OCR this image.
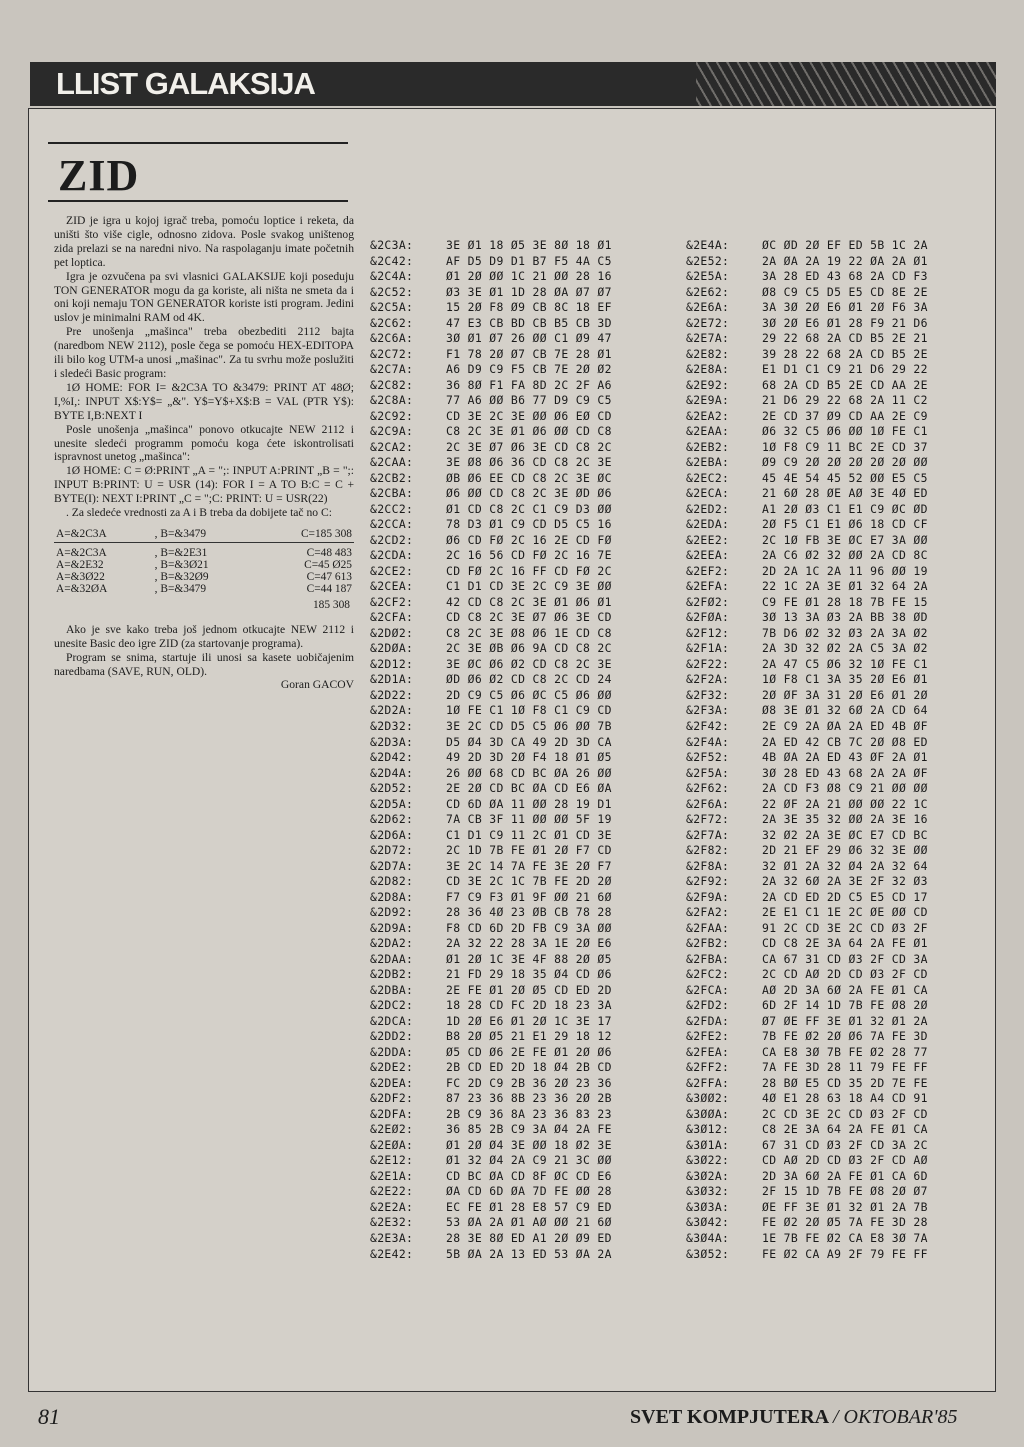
LLIST GALAKSIJA
ZID

ZID je igra u kojoj igrač treba, pomoću loptice i reketa, da uništi što više cigle, odnosno zidova. Posle svakog uništenog zida prelazi se na naredni nivo. Na raspolaganju imate početnih pet loptica.

Igra je ozvučena pa svi vlasnici GALAKSIJE koji poseduju TON GENERATOR mogu da ga koriste, ali ništa ne smeta da i oni koji nemaju TON GENERATOR koriste isti program. Jedini uslov je minimalni RAM od 4K.

Pre unošenja „mašinca" treba obezbediti 2112 bajta (naredbom NEW 2112), posle čega se pomoću HEX-EDITOPA ili bilo kog UTM-a unosi „mašinac". Za tu svrhu može poslužiti i sledeći Basic program:

1Ø HOME: FOR I= &2C3A TO &3479: PRINT AT 48Ø; I,%I,: INPUT X$:Y$= „&". Y$=Y$+X$:B = VAL (PTR Y$): BYTE I,B:NEXT I

Posle unošenja „mašinca" ponovo otkucajte NEW 2112 i unesite sledeći programm pomoću koga ćete iskontrolisati ispravnost unetog „mašinca":

1Ø HOME: C = Ø:PRINT „A = ";: INPUT A:PRINT „B = ";: INPUT B:PRINT: U = USR (14): FOR I = A TO B:C = C + BYTE(I): NEXT I:PRINT „C = ";C: PRINT: U = USR(22)

. Za sledeće vrednosti za A i B treba da dobijete tač no C:

A=&2C3A	, B=&3479	C=185 308
A=&2C3A	, B=&2E31	C=48 483
A=&2E32	, B=&3Ø21	C=45 Ø25
A=&3Ø22	, B=&32Ø9	C=47 613
A=&32ØA	, B=&3479	C=44 187
185 308

Ako je sve kako treba još jednom otkucajte NEW 2112 i unesite Basic deo igre ZID (za startovanje programa).

Program se snima, startuje ili unosi sa kasete uobičajenim naredbama (SAVE, RUN, OLD).

Goran GACOV
&2C3A:	3E Ø1 18 Ø5 3E 8Ø 18 Ø1
&2C42:	AF D5 D9 D1 B7 F5 4A C5
&2C4A:	Ø1 2Ø ØØ 1C 21 ØØ 28 16
&2C52:	Ø3 3E Ø1 1D 28 ØA Ø7 Ø7
&2C5A:	15 2Ø F8 Ø9 CB 8C 18 EF
&2C62:	47 E3 CB BD CB B5 CB 3D
&2C6A:	3Ø Ø1 Ø7 26 ØØ C1 Ø9 47
&2C72:	F1 78 2Ø Ø7 CB 7E 28 Ø1
&2C7A:	A6 D9 C9 F5 CB 7E 2Ø Ø2
&2C82:	36 8Ø F1 FA 8D 2C 2F A6
&2C8A:	77 A6 ØØ B6 77 D9 C9 C5
&2C92:	CD 3E 2C 3E ØØ Ø6 EØ CD
&2C9A:	C8 2C 3E Ø1 Ø6 ØØ CD C8
&2CA2:	2C 3E Ø7 Ø6 3E CD C8 2C
&2CAA:	3E Ø8 Ø6 36 CD C8 2C 3E
&2CB2:	ØB Ø6 EE CD C8 2C 3E ØC
&2CBA:	Ø6 ØØ CD C8 2C 3E ØD Ø6
&2CC2:	Ø1 CD C8 2C C1 C9 D3 ØØ
&2CCA:	78 D3 Ø1 C9 CD D5 C5 16
&2CD2:	Ø6 CD FØ 2C 16 2E CD FØ
&2CDA:	2C 16 56 CD FØ 2C 16 7E
&2CE2:	CD FØ 2C 16 FF CD FØ 2C
&2CEA:	C1 D1 CD 3E 2C C9 3E ØØ
&2CF2:	42 CD C8 2C 3E Ø1 Ø6 Ø1
&2CFA:	CD C8 2C 3E Ø7 Ø6 3E CD
&2DØ2:	C8 2C 3E Ø8 Ø6 1E CD C8
&2DØA:	2C 3E ØB Ø6 9A CD C8 2C
&2D12:	3E ØC Ø6 Ø2 CD C8 2C 3E
&2D1A:	ØD Ø6 Ø2 CD C8 2C CD 24
&2D22:	2D C9 C5 Ø6 ØC C5 Ø6 ØØ
&2D2A:	1Ø FE C1 1Ø F8 C1 C9 CD
&2D32:	3E 2C CD D5 C5 Ø6 ØØ 7B
&2D3A:	D5 Ø4 3D CA 49 2D 3D CA
&2D42:	49 2D 3D 2Ø F4 18 Ø1 Ø5
&2D4A:	26 ØØ 68 CD BC ØA 26 ØØ
&2D52:	2E 2Ø CD BC ØA CD E6 ØA
&2D5A:	CD 6D ØA 11 ØØ 28 19 D1
&2D62:	7A CB 3F 11 ØØ ØØ 5F 19
&2D6A:	C1 D1 C9 11 2C Ø1 CD 3E
&2D72:	2C 1D 7B FE Ø1 2Ø F7 CD
&2D7A:	3E 2C 14 7A FE 3E 2Ø F7
&2D82:	CD 3E 2C 1C 7B FE 2D 2Ø
&2D8A:	F7 C9 F3 Ø1 9F ØØ 21 6Ø
&2D92:	28 36 4Ø 23 ØB CB 78 28
&2D9A:	F8 CD 6D 2D FB C9 3A ØØ
&2DA2:	2A 32 22 28 3A 1E 2Ø E6
&2DAA:	Ø1 2Ø 1C 3E 4F 88 2Ø Ø5
&2DB2:	21 FD 29 18 35 Ø4 CD Ø6
&2DBA:	2E FE Ø1 2Ø Ø5 CD ED 2D
&2DC2:	18 28 CD FC 2D 18 23 3A
&2DCA:	1D 2Ø E6 Ø1 2Ø 1C 3E 17
&2DD2:	B8 2Ø Ø5 21 E1 29 18 12
&2DDA:	Ø5 CD Ø6 2E FE Ø1 2Ø Ø6
&2DE2:	2B CD ED 2D 18 Ø4 2B CD
&2DEA:	FC 2D C9 2B 36 2Ø 23 36
&2DF2:	87 23 36 8B 23 36 2Ø 2B
&2DFA:	2B C9 36 8A 23 36 83 23
&2EØ2:	36 85 2B C9 3A Ø4 2A FE
&2EØA:	Ø1 2Ø Ø4 3E ØØ 18 Ø2 3E
&2E12:	Ø1 32 Ø4 2A C9 21 3C ØØ
&2E1A:	CD BC ØA CD 8F ØC CD E6
&2E22:	ØA CD 6D ØA 7D FE ØØ 28
&2E2A:	EC FE Ø1 28 E8 57 C9 ED
&2E32:	53 ØA 2A Ø1 AØ ØØ 21 6Ø
&2E3A:	28 3E 8Ø ED A1 2Ø Ø9 ED
&2E42:	5B ØA 2A 13 ED 53 ØA 2A
&2E4A:	ØC ØD 2Ø EF ED 5B 1C 2A
&2E52:	2A ØA 2A 19 22 ØA 2A Ø1
&2E5A:	3A 28 ED 43 68 2A CD F3
&2E62:	Ø8 C9 C5 D5 E5 CD 8E 2E
&2E6A:	3A 3Ø 2Ø E6 Ø1 2Ø F6 3A
&2E72:	3Ø 2Ø E6 Ø1 28 F9 21 D6
&2E7A:	29 22 68 2A CD B5 2E 21
&2E82:	39 28 22 68 2A CD B5 2E
&2E8A:	E1 D1 C1 C9 21 D6 29 22
&2E92:	68 2A CD B5 2E CD AA 2E
&2E9A:	21 D6 29 22 68 2A 11 C2
&2EA2:	2E CD 37 Ø9 CD AA 2E C9
&2EAA:	Ø6 32 C5 Ø6 ØØ 1Ø FE C1
&2EB2:	1Ø F8 C9 11 BC 2E CD 37
&2EBA:	Ø9 C9 2Ø 2Ø 2Ø 2Ø 2Ø ØØ
&2EC2:	45 4E 54 45 52 ØØ E5 C5
&2ECA:	21 6Ø 28 ØE AØ 3E 4Ø ED
&2ED2:	A1 2Ø Ø3 C1 E1 C9 ØC ØD
&2EDA:	2Ø F5 C1 E1 Ø6 18 CD CF
&2EE2:	2C 1Ø FB 3E ØC E7 3A ØØ
&2EEA:	2A C6 Ø2 32 ØØ 2A CD 8C
&2EF2:	2D 2A 1C 2A 11 96 ØØ 19
&2EFA:	22 1C 2A 3E Ø1 32 64 2A
&2FØ2:	C9 FE Ø1 28 18 7B FE 15
&2FØA:	3Ø 13 3A Ø3 2A BB 38 ØD
&2F12:	7B D6 Ø2 32 Ø3 2A 3A Ø2
&2F1A:	2A 3D 32 Ø2 2A C5 3A Ø2
&2F22:	2A 47 C5 Ø6 32 1Ø FE C1
&2F2A:	1Ø F8 C1 3A 35 2Ø E6 Ø1
&2F32:	2Ø ØF 3A 31 2Ø E6 Ø1 2Ø
&2F3A:	Ø8 3E Ø1 32 6Ø 2A CD 64
&2F42:	2E C9 2A ØA 2A ED 4B ØF
&2F4A:	2A ED 42 CB 7C 2Ø Ø8 ED
&2F52:	4B ØA 2A ED 43 ØF 2A Ø1
&2F5A:	3Ø 28 ED 43 68 2A 2A ØF
&2F62:	2A CD F3 Ø8 C9 21 ØØ ØØ
&2F6A:	22 ØF 2A 21 ØØ ØØ 22 1C
&2F72:	2A 3E 35 32 ØØ 2A 3E 16
&2F7A:	32 Ø2 2A 3E ØC E7 CD BC
&2F82:	2D 21 EF 29 Ø6 32 3E ØØ
&2F8A:	32 Ø1 2A 32 Ø4 2A 32 64
&2F92:	2A 32 6Ø 2A 3E 2F 32 Ø3
&2F9A:	2A CD ED 2D C5 E5 CD 17
&2FA2:	2E E1 C1 1E 2C ØE ØØ CD
&2FAA:	91 2C CD 3E 2C CD Ø3 2F
&2FB2:	CD C8 2E 3A 64 2A FE Ø1
&2FBA:	CA 67 31 CD Ø3 2F CD 3A
&2FC2:	2C CD AØ 2D CD Ø3 2F CD
&2FCA:	AØ 2D 3A 6Ø 2A FE Ø1 CA
&2FD2:	6D 2F 14 1D 7B FE Ø8 2Ø
&2FDA:	Ø7 ØE FF 3E Ø1 32 Ø1 2A
&2FE2:	7B FE Ø2 2Ø Ø6 7A FE 3D
&2FEA:	CA E8 3Ø 7B FE Ø2 28 77
&2FF2:	7A FE 3D 28 11 79 FE FF
&2FFA:	28 BØ E5 CD 35 2D 7E FE
&3ØØ2:	4Ø E1 28 63 18 A4 CD 91
&3ØØA:	2C CD 3E 2C CD Ø3 2F CD
&3Ø12:	C8 2E 3A 64 2A FE Ø1 CA
&3Ø1A:	67 31 CD Ø3 2F CD 3A 2C
&3Ø22:	CD AØ 2D CD Ø3 2F CD AØ
&3Ø2A:	2D 3A 6Ø 2A FE Ø1 CA 6D
&3Ø32:	2F 15 1D 7B FE Ø8 2Ø Ø7
&3Ø3A:	ØE FF 3E Ø1 32 Ø1 2A 7B
&3Ø42:	FE Ø2 2Ø Ø5 7A FE 3D 28
&3Ø4A:	1E 7B FE Ø2 CA E8 3Ø 7A
&3Ø52:	FE Ø2 CA A9 2F 79 FE FF
81	SVET KOMPJUTERA / OKTOBAR'85
